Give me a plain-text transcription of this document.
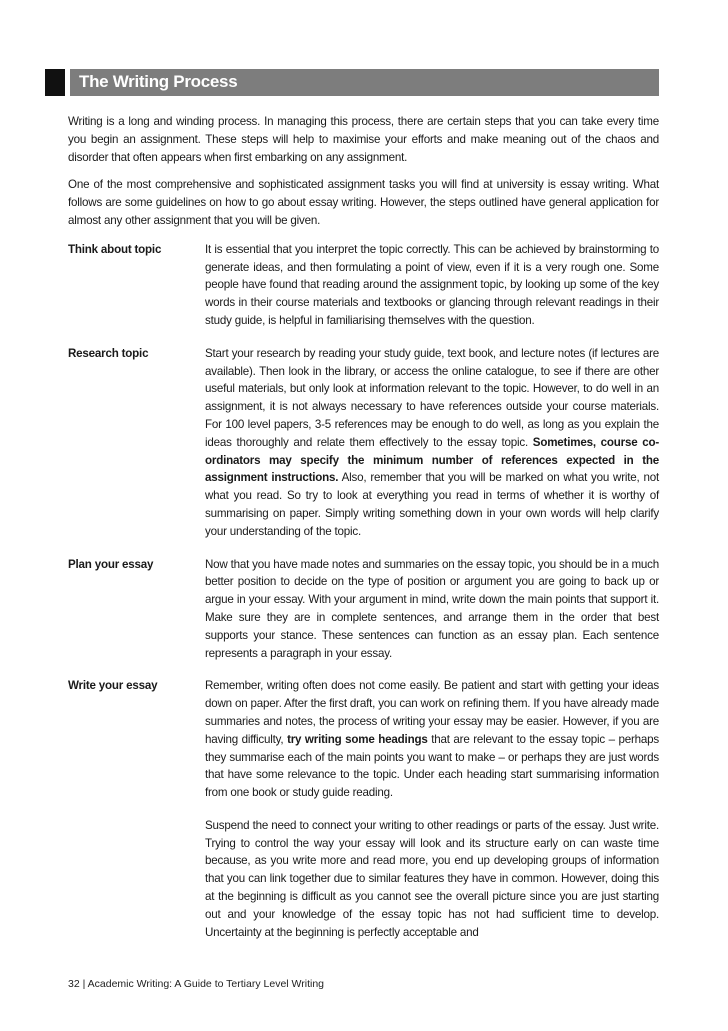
The Writing Process

Writing is a long and winding process. In managing this process, there are certain steps that you can take every time you begin an assignment. These steps will help to maximise your efforts and make meaning out of the chaos and disorder that often appears when first embarking on any assignment.

One of the most comprehensive and sophisticated assignment tasks you will find at university is essay writing. What follows are some guidelines on how to go about essay writing. However, the steps outlined have general application for almost any other assignment that you will be given.

Think about topic	It is essential that you interpret the topic correctly. This can be achieved by brainstorming to generate ideas, and then formulating a point of view, even if it is a very rough one. Some people have found that reading around the assignment topic, by looking up some of the key words in their course materials and textbooks or glancing through relevant readings in their study guide, is helpful in familiarising themselves with the question.

Research topic	Start your research by reading your study guide, text book, and lecture notes (if lectures are available). Then look in the library, or access the online catalogue, to see if there are other useful materials, but only look at information relevant to the topic. However, to do well in an assignment, it is not always necessary to have references outside your course materials. For 100 level papers, 3-5 references may be enough to do well, as long as you explain the ideas thoroughly and relate them effectively to the essay topic. Sometimes, course co-ordinators may specify the minimum number of references expected in the assignment instructions. Also, remember that you will be marked on what you write, not what you read. So try to look at everything you read in terms of whether it is worthy of summarising on paper. Simply writing something down in your own words will help clarify your understanding of the topic.

Plan your essay	Now that you have made notes and summaries on the essay topic, you should be in a much better position to decide on the type of position or argument you are going to back up or argue in your essay. With your argument in mind, write down the main points that support it. Make sure they are in complete sentences, and arrange them in the order that best supports your stance. These sentences can function as an essay plan. Each sentence represents a paragraph in your essay.

Write your essay	Remember, writing often does not come easily. Be patient and start with getting your ideas down on paper. After the first draft, you can work on refining them. If you have already made summaries and notes, the process of writing your essay may be easier. However, if you are having difficulty, try writing some headings that are relevant to the essay topic – perhaps they summarise each of the main points you want to make – or perhaps they are just words that have some relevance to the topic. Under each heading start summarising information from one book or study guide reading.

Suspend the need to connect your writing to other readings or parts of the essay. Just write. Trying to control the way your essay will look and its structure early on can waste time because, as you write more and read more, you end up developing groups of information that you can link together due to similar features they have in common. However, doing this at the beginning is difficult as you cannot see the overall picture since you are just starting out and your knowledge of the essay topic has not had sufficient time to develop. Uncertainty at the beginning is perfectly acceptable and

32 | Academic Writing: A Guide to Tertiary Level Writing
